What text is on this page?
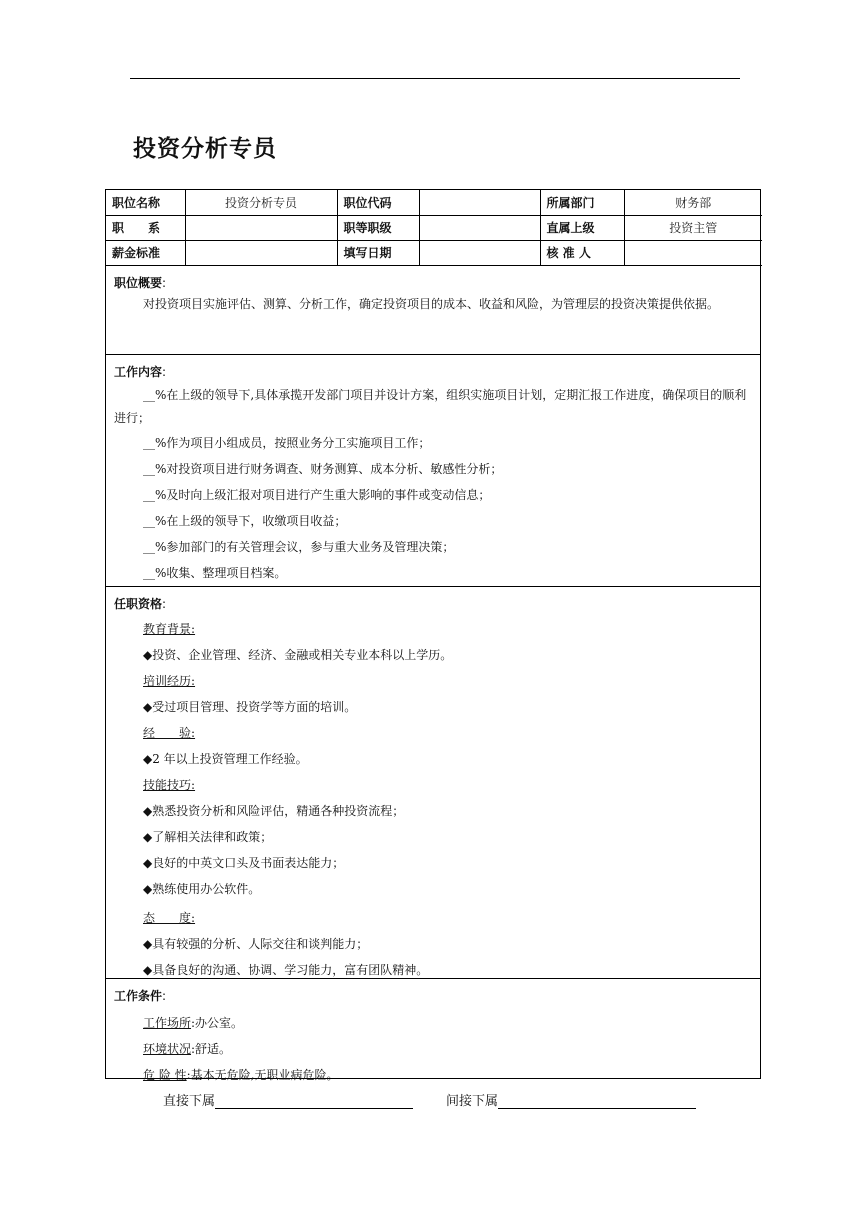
投资分析专员
职位名称	投资分析专员	职位代码		所属部门	财务部
职　　系		职等职级		直属上级	投资主管
薪金标准		填写日期		核 准 人	
职位概要:
对投资项目实施评估、测算、分析工作，确定投资项目的成本、收益和风险，为管理层的投资决策提供依据。
工作内容:
__%在上级的领导下,具体承揽开发部门项目并设计方案，组织实施项目计划，定期汇报工作进度，确保项目的顺利进行；
__%作为项目小组成员，按照业务分工实施项目工作；
__%对投资项目进行财务调查、财务测算、成本分析、敏感性分析；
__%及时向上级汇报对项目进行产生重大影响的事件或变动信息；
__%在上级的领导下，收缴项目收益；
__%参加部门的有关管理会议，参与重大业务及管理决策；
__%收集、整理项目档案。
任职资格:
教育背景:
◆投资、企业管理、经济、金融或相关专业本科以上学历。
培训经历:
◆受过项目管理、投资学等方面的培训。
经　　验:
◆2 年以上投资管理工作经验。
技能技巧:
◆熟悉投资分析和风险评估，精通各种投资流程；
◆了解相关法律和政策；
◆良好的中英文口头及书面表达能力；
◆熟练使用办公软件。
态　　度:
◆具有较强的分析、人际交往和谈判能力；
◆具备良好的沟通、协调、学习能力，富有团队精神。
工作条件:
工作场所:办公室。
环境状况:舒适。
危 险 性:基本无危险,无职业病危险。
直接下属	间接下属
